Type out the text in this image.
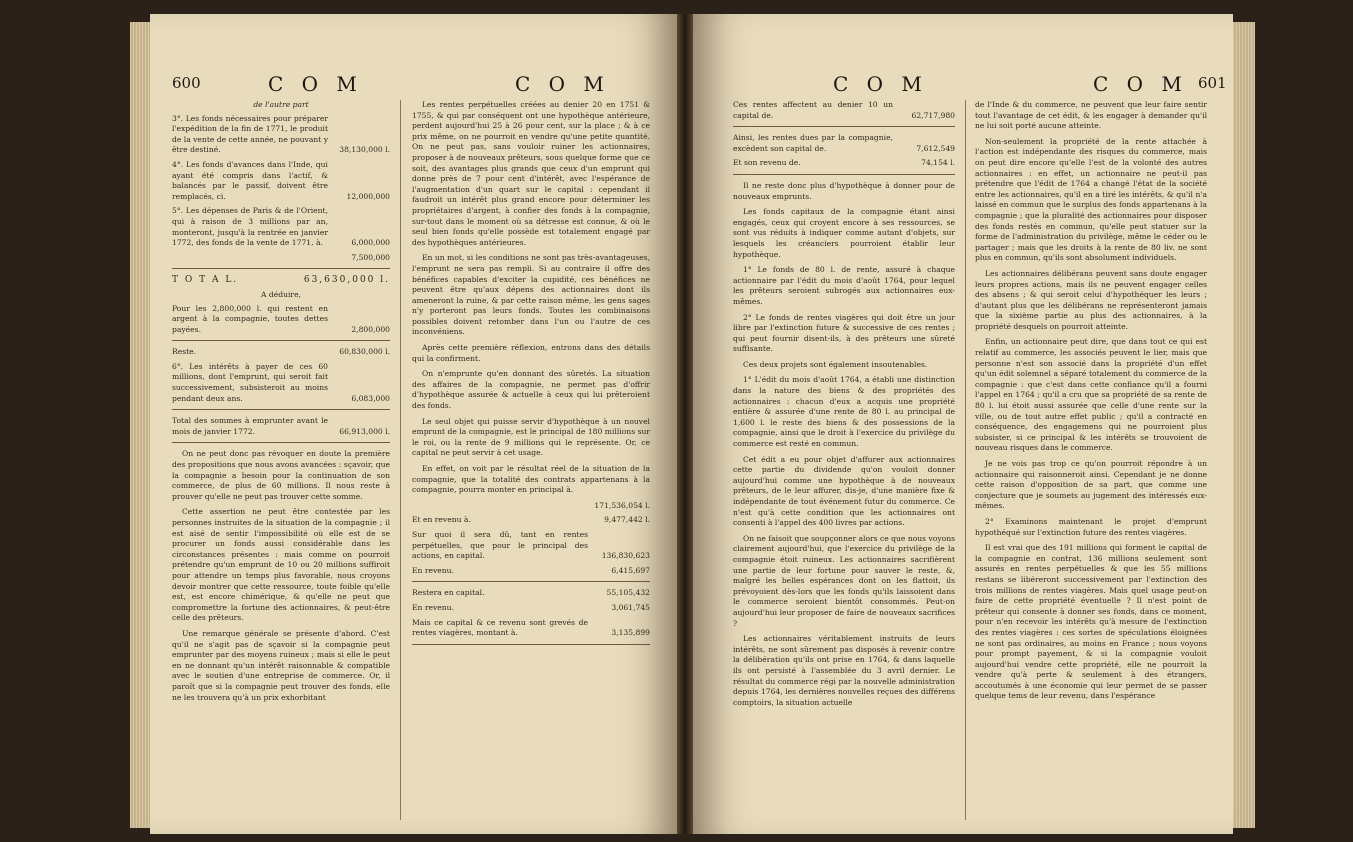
600	C O M	C O M
de l'autre part
3°. Les fonds nécessaires pour préparer l'expédition de la fin de 1771, le produit de la vente de cette année, ne pouvant y être destiné.	38,130,000 l.
4°. Les fonds d'avances dans l'Inde, qui ayant été compris dans l'actif, & balancés par le passif, doivent être remplacés, ci.	12,000,000
5°. Les dépenses de Paris & de l'Orient, qui à raison de 3 millions par an, monteront, jusqu'à la rentrée en janvier 1772, des fonds de la vente de 1771, à.	6,000,000
7,500,000
T O T A L.	63,630,000 l.
A déduire,
Pour les 2,800,000 l. qui restent en argent à la compagnie, toutes dettes payées.	2,800,000
Reste.	60,830,000 l.
6°. Les intérêts à payer de ces 60 millions, dont l'emprunt, qui seroit fait successivement, subsisteroit au moins pendant deux ans.	6,083,000
Total des sommes à emprunter avant le mois de janvier 1772.	66,913,000 l.

On ne peut donc pas révoquer en doute la première des propositions que nous avons avancées : sçavoir, que la compagnie a besoin pour la continuation de son commerce, de plus de 60 millions. Il nous reste à prouver qu'elle ne peut pas trouver cette somme.

Cette assertion ne peut être contestée par les personnes instruites de la situation de la compagnie ; il est aisé de sentir l'impossibilité où elle est de se procurer un fonds aussi considérable dans les circonstances présentes : mais comme on pourroit prétendre qu'un emprunt de 10 ou 20 millions suffiroit pour attendre un temps plus favorable, nous croyons devoir montrer que cette ressource, toute foible qu'elle est, est encore chimérique, & qu'elle ne peut que compromettre la fortune des actionnaires, & peut-être celle des prêteurs.

Une remarque générale se présente d'abord. C'est qu'il ne s'agit pas de sçavoir si la compagnie peut emprunter par des moyens ruineux ; mais si elle le peut en ne donnant qu'un intérêt raisonnable & compatible avec le soutien d'une entreprise de commerce. Or, il paroît que si la compagnie peut trouver des fonds, elle ne les trouvera qu'à un prix exhorbitant

Les rentes perpétuelles créées au denier 20 en 1751 & 1755, & qui par conséquent ont une hypothèque antérieure, perdent aujourd'hui 25 à 26 pour cent, sur la place ; & à ce prix même, on ne pourroit en vendre qu'une petite quantité. On ne peut pas, sans vouloir ruiner les actionnaires, proposer à de nouveaux prêteurs, sous quelque forme que ce soit, des avantages plus grands que ceux d'un emprunt qui donne près de 7 pour cent d'intérêt, avec l'espérance de l'augmentation d'un quart sur le capital : cependant il faudroit un intérêt plus grand encore pour déterminer les propriétaires d'argent, à confier des fonds à la compagnie, sur-tout dans le moment où sa détresse est connue, & où le seul bien fonds qu'elle possède est totalement engagé par des hypothèques antérieures.

En un mot, si les conditions ne sont pas très-avantageuses, l'emprunt ne sera pas rempli. Si au contraire il offre des bénéfices capables d'exciter la cupidité, ces bénéfices ne peuvent être qu'aux dépens des actionnaires dont ils ameneront la ruine, & par cette raison même, les gens sages n'y porteront pas leurs fonds. Toutes les combinaisons possibles doivent retomber dans l'un ou l'autre de ces inconvéniens.

Après cette première réflexion, entrons dans des détails qui la confirment.

On n'emprunte qu'en donnant des sûretés. La situation des affaires de la compagnie, ne permet pas d'offrir d'hypothèque assurée & actuelle à ceux qui lui prêteroient des fonds.

Le seul objet qui puisse servir d'hypothèque à un nouvel emprunt de la compagnie, est le principal de 180 millions sur le roi, ou la rente de 9 millions qui le représente. Or, ce capital ne peut servir à cet usage.

En effet, on voit par le résultat réel de la situation de la compagnie, que la totalité des contrats appartenans à la compagnie, pourra monter en principal à.

171,536,054 l.
Et en revenu à.	9,477,442 l.
Sur quoi il sera dû, tant en rentes perpétuelles, que pour le principal des actions, en capital.	136,830,623
En revenu.	6,415,697
Restera en capital.	55,105,432
En revenu.	3,061,745
Mais ce capital & ce revenu sont grevés de rentes viagères, montant à.	3,135,899
C O M	C O M 601
Ces rentes affectent au denier 10 un capital de.	62,717,980
Ainsi, les rentes dues par la compagnie, excèdent son capital de.	7,612,549
Et son revenu de.	74,154 l.

Il ne reste donc plus d'hypothèque à donner pour de nouveaux emprunts.

Les fonds capitaux de la compagnie étant ainsi engagés, ceux qui croyent encore à ses ressources, se sont vus réduits à indiquer comme autant d'objets, sur lesquels les créanciers pourroient établir leur hypothèque.

1° Le fonds de 80 l. de rente, assuré à chaque actionnaire par l'édit du mois d'août 1764, pour lequel les prêteurs seroient subrogés aux actionnaires eux-mêmes.

2° Le fonds de rentes viagères qui doit être un jour libre par l'extinction future & successive de ces rentes ; qui peut fournir disent-ils, à des prêteurs une sûreté suffisante.

Ces deux projets sont également insoutenables.

1° L'édit du mois d'août 1764, a établi une distinction dans la nature des biens & des propriétés des actionnaires : chacun d'eux a acquis une propriété entière & assurée d'une rente de 80 l. au principal de 1,600 l. le reste des biens & des possessions de la compagnie, ainsi que le droit à l'exercice du privilège du commerce est resté en commun.

Cet édit a eu pour objet d'affurer aux actionnaires cette partie du dividende qu'on vouloit donner aujourd'hui comme une hypothèque à de nouveaux prêteurs, de le leur affurer, dis-je, d'une manière fixe & indépendante de tout événement futur du commerce. Ce n'est qu'à cette condition que les actionnaires ont consenti à l'appel des 400 livres par actions.

On ne faisoit que soupçonner alors ce que nous voyons clairement aujourd'hui, que l'exercice du privilège de la compagnie étoit ruineux. Les actionnaires sacrifièrent une partie de leur fortune pour sauver le reste, &, malgré les belles espérances dont on les flattoit, ils prévoyoient dès-lors que les fonds qu'ils laissoient dans le commerce seroient bientôt consommés. Peut-on aujourd'hui leur proposer de faire de nouveaux sacrifices ?

Les actionnaires véritablement instruits de leurs intérêts, ne sont sûrement pas disposés à revenir contre la délibération qu'ils ont prise en 1764, & dans laquelle ils ont persisté à l'assemblée du 3 avril dernier. Le résultat du commerce régi par la nouvelle administration depuis 1764, les dernières nouvelles reçues des différens comptoirs, la situation actuelle

de l'Inde & du commerce, ne peuvent que leur faire sentir tout l'avantage de cet édit, & les engager à demander qu'il ne lui soit porté aucune atteinte.

Non-seulement la propriété de la rente attachée à l'action est indépendante des risques du commerce, mais on peut dire encore qu'elle l'est de la volonté des autres actionnaires : en effet, un actionnaire ne peut-il pas prétendre que l'édit de 1764 a changé l'état de la société entre les actionnaires, qu'il en a tiré les intérêts, & qu'il n'a laissé en commun que le surplus des fonds appartenans à la compagnie ; que la pluralité des actionnaires pour disposer des fonds restés en commun, qu'elle peut statuer sur la forme de l'administration du privilège, même le céder ou le partager ; mais que les droits à la rente de 80 liv. ne sont plus en commun, qu'ils sont absolument individuels.

Les actionnaires délibérans peuvent sans doute engager leurs propres actions, mais ils ne peuvent engager celles des absens ; & qui seroit celui d'hypothéquer les leurs ; d'autant plus que les délibérans ne représenteront jamais que la sixième partie au plus des actionnaires, à la propriété desquels on pourroit atteinte.

Enfin, un actionnaire peut dire, que dans tout ce qui est relatif au commerce, les associés peuvent le lier, mais que personne n'est son associé dans la propriété d'un effet qu'un édit solemnel a séparé totalement du commerce de la compagnie : que c'est dans cette confiance qu'il a fourni l'appel en 1764 ; qu'il a cru que sa propriété de sa rente de 80 l. lui étoit aussi assurée que celle d'une rente sur la ville, ou de tout autre effet public ; qu'il a contracté en conséquence, des engagemens qui ne pourroient plus subsister, si ce principal & les intérêts se trouvoient de nouveau risques dans le commerce.

Je ne vois pas trop ce qu'on pourroit répondre à un actionnaire qui raisonneroit ainsi. Cependant je ne donne cette raison d'opposition de sa part, que comme une conjecture que je soumets au jugement des intéressés eux-mêmes.

2° Examinons maintenant le projet d'emprunt hypothéqué sur l'extinction future des rentes viagères.

Il est vrai que des 191 millions qui forment le capital de la compagnie en contrat, 136 millions seulement sont assurés en rentes perpétuelles & que les 55 millions restans se libéreront successivement par l'extinction des trois millions de rentes viagères. Mais quel usage peut-on faire de cette propriété éventuelle ? Il n'est point de prêteur qui consente à donner ses fonds, dans ce moment, pour n'en recevoir les intérêts qu'à mesure de l'extinction des rentes viagères : ces sortes de spéculations éloignées ne sont pas ordinaires, au moins en France ; nous voyons pour prompt payement, & si la compagnie vouloit aujourd'hui vendre cette propriété, elle ne pourroit la vendre qu'à perte & seulement à des étrangers, accoutumés à une économie qui leur permet de se passer quelque tems de leur revenu, dans l'espérance
